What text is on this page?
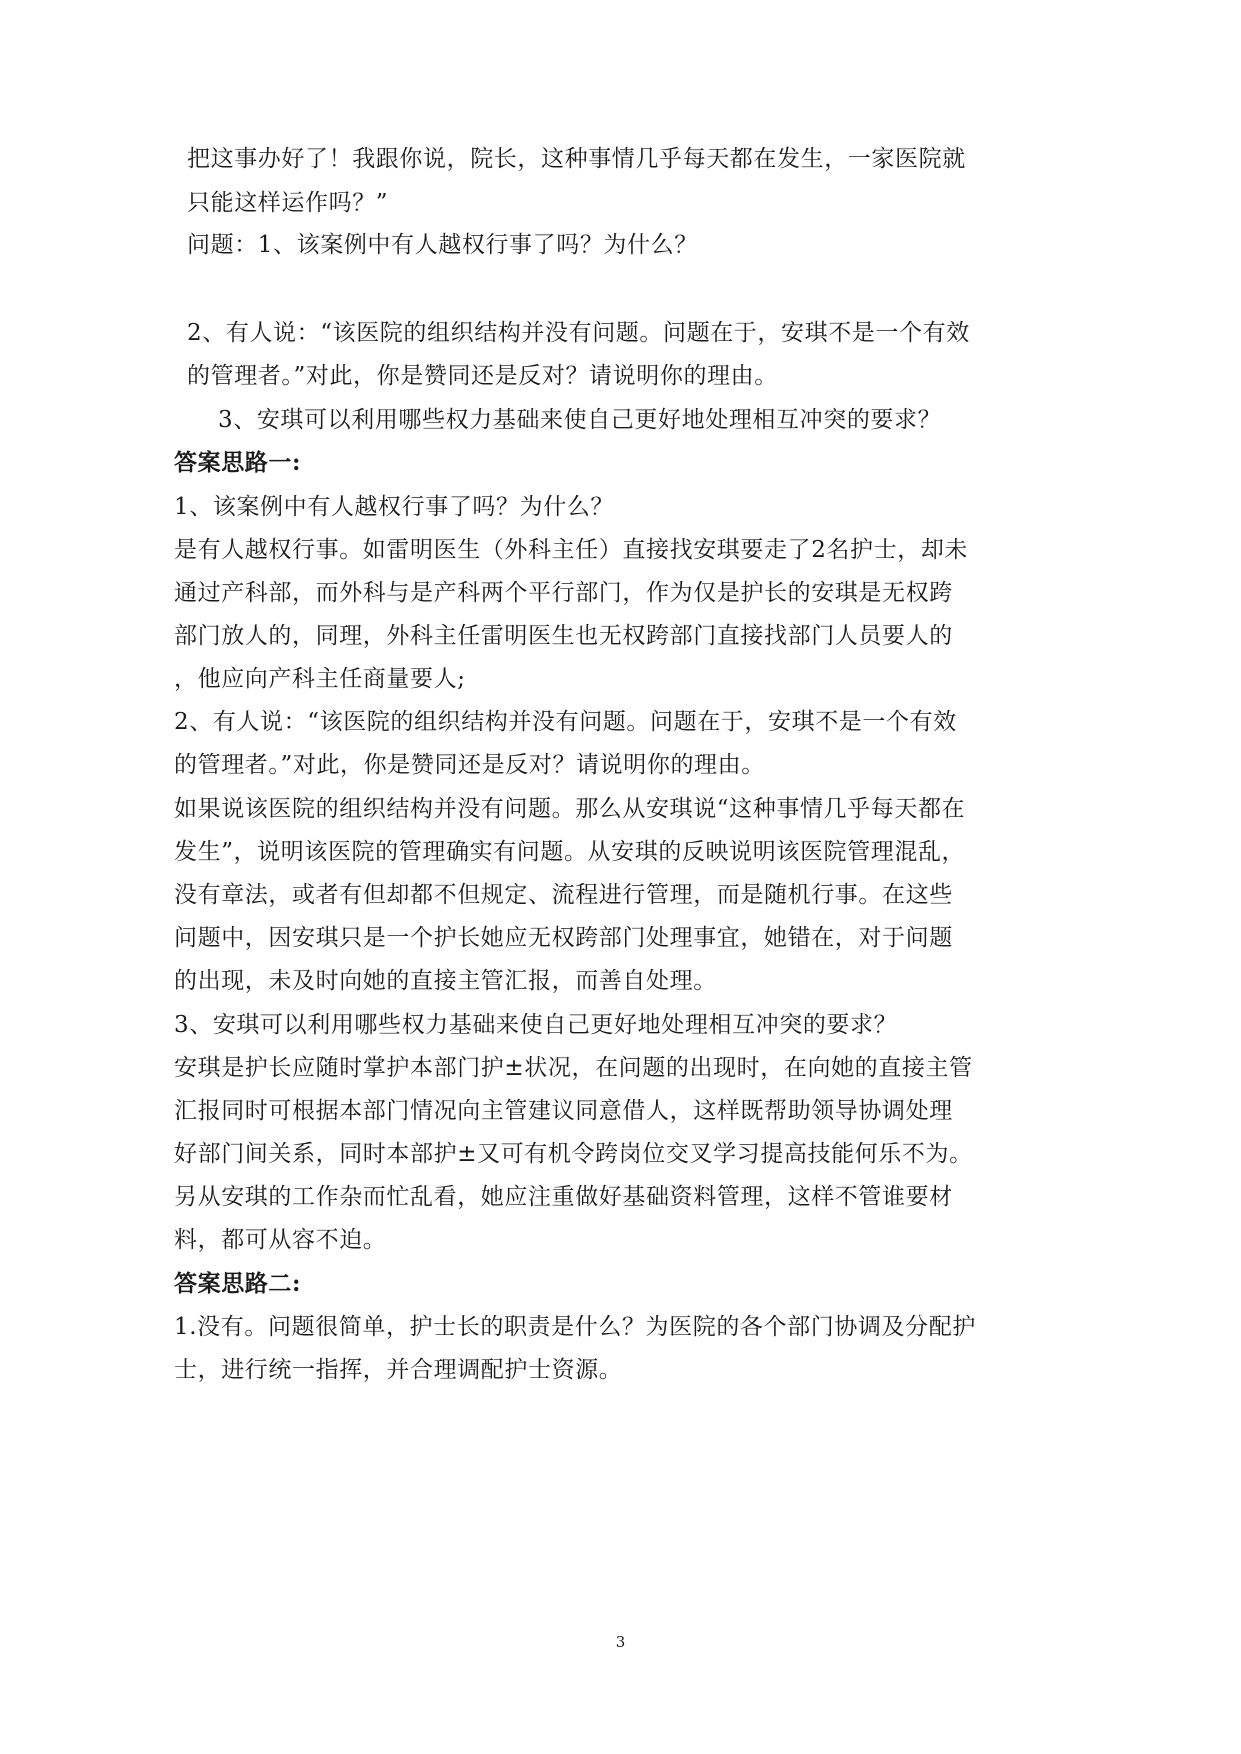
把这事办好了！我跟你说，院长，这种事情几乎每天都在发生，一家医院就
只能这样运作吗？”
问题：1、该案例中有人越权行事了吗？为什么？
2、有人说：“该医院的组织结构并没有问题。问题在于，安琪不是一个有效
的管理者。”对此，你是赞同还是反对？请说明你的理由。
3、安琪可以利用哪些权力基础来使自己更好地处理相互冲突的要求？
答案思路一:
1、该案例中有人越权行事了吗？为什么？
是有人越权行事。如雷明医生（外科主任）直接找安琪要走了2名护士，却未
通过产科部，而外科与是产科两个平行部门，作为仅是护长的安琪是无权跨
部门放人的，同理，外科主任雷明医生也无权跨部门直接找部门人员要人的
，他应向产科主任商量要人;
2、有人说：“该医院的组织结构并没有问题。问题在于，安琪不是一个有效
的管理者。”对此，你是赞同还是反对？请说明你的理由。
如果说该医院的组织结构并没有问题。那么从安琪说“这种事情几乎每天都在
发生”，说明该医院的管理确实有问题。从安琪的反映说明该医院管理混乱，
没有章法，或者有但却都不但规定、流程进行管理，而是随机行事。在这些
问题中，因安琪只是一个护长她应无权跨部门处理事宜，她错在，对于问题
的出现，未及时向她的直接主管汇报，而善自处理。
3、安琪可以利用哪些权力基础来使自己更好地处理相互冲突的要求？
安琪是护长应随时掌护本部门护±状况，在问题的出现时，在向她的直接主管
汇报同时可根据本部门情况向主管建议同意借人，这样既帮助领导协调处理
好部门间关系，同时本部护±又可有机令跨岗位交叉学习提高技能何乐不为。
另从安琪的工作杂而忙乱看，她应注重做好基础资料管理，这样不管谁要材
料，都可从容不迫。
答案思路二:
1.没有。问题很简单，护士长的职责是什么？为医院的各个部门协调及分配护
士，进行统一指挥，并合理调配护士资源。
3
